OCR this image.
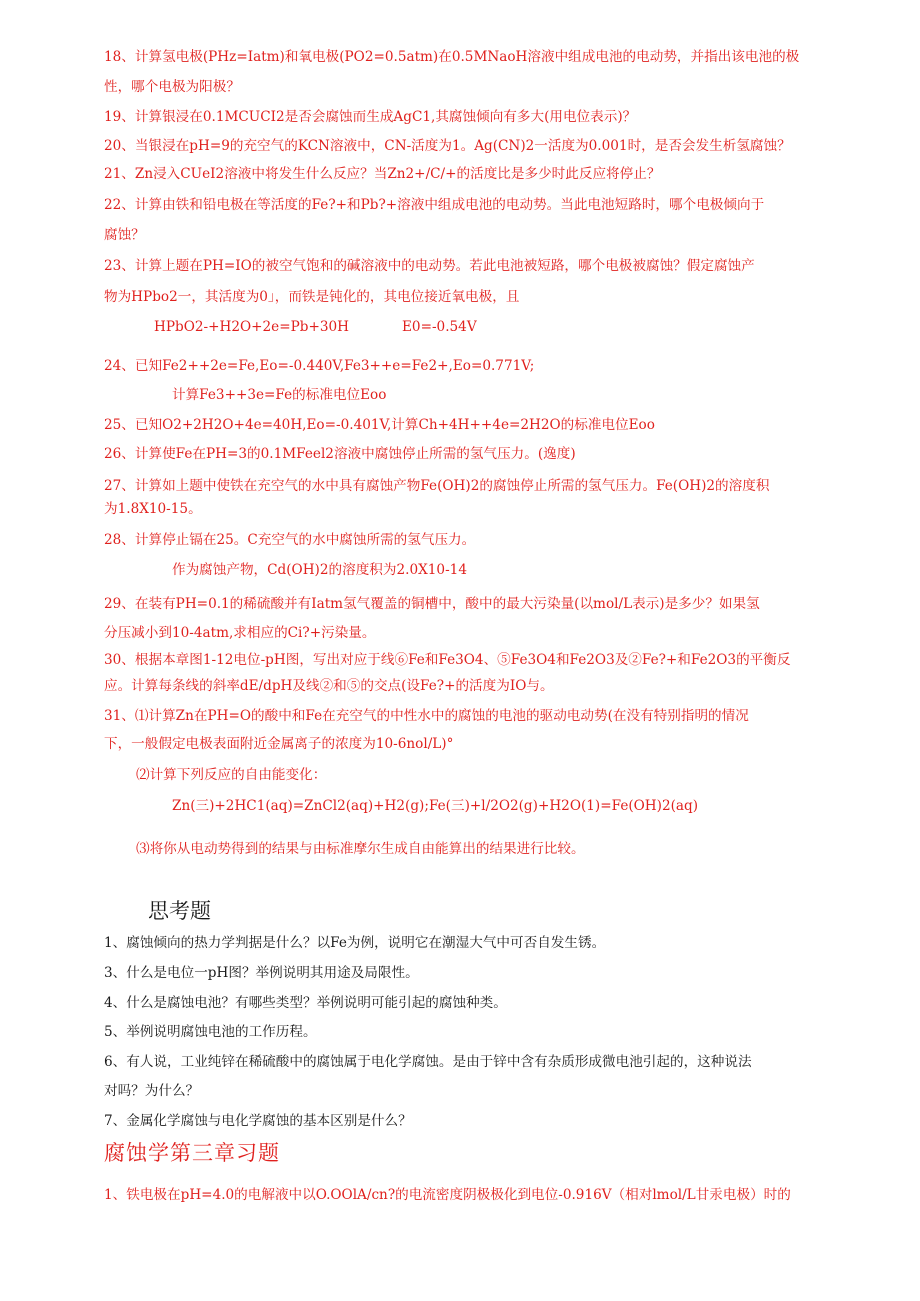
18、计算氢电极(PHz=Iatm)和氧电极(PO2=0.5atm)在0.5MNaoH溶液中组成电池的电动势，并指出该电池的极

性，哪个电极为阳极？

19、计算银浸在0.1MCUCI2是否会腐蚀而生成AgC1,其腐蚀倾向有多大(用电位表示)？

20、当银浸在pH=9的充空气的KCN溶液中，CN-活度为1。Ag(CN)2一活度为0.001时，是否会发生析氢腐蚀？

21、Zn浸入CUeI2溶液中将发生什么反应？当Zn2+/C/+的活度比是多少时此反应将停止？

22、计算由铁和铅电极在等活度的Fe?+和Pb?+溶液中组成电池的电动势。当此电池短路时，哪个电极倾向于

腐蚀？

23、计算上题在PH=IO的被空气饱和的碱溶液中的电动势。若此电池被短路，哪个电极被腐蚀？假定腐蚀产

物为HPbo2一，其活度为0」，而铁是钝化的，其电位接近氧电极，且

HPbO2-+H2O+2e=Pb+30H	E0=-0.54V

24、已知Fe2++2e=Fe,Eo=-0.440V,Fe3++e=Fe2+,Eo=0.771V;

计算Fe3++3e=Fe的标准电位Eoo

25、已知O2+2H2O+4e=40H,Eo=-0.401V,计算Ch+4H++4e=2H2O的标准电位Eoo

26、计算使Fe在PH=3的0.1MFeel2溶液中腐蚀停止所需的氢气压力。(逸度)

27、计算如上题中使铁在充空气的水中具有腐蚀产物Fe(OH)2的腐蚀停止所需的氢气压力。Fe(OH)2的溶度积

为1.8X10-15。

28、计算停止镉在25。C充空气的水中腐蚀所需的氢气压力。

作为腐蚀产物，Cd(OH)2的溶度积为2.0X10-14

29、在装有PH=0.1的稀硫酸并有Iatm氢气覆盖的铜槽中，酸中的最大污染量(以mol/L表示)是多少？如果氢

分压减小到10-4atm,求相应的Ci?+污染量。

30、根据本章图1-12电位-pH图，写出对应于线⑥Fe和Fe3O4、⑤Fe3O4和Fe2O3及②Fe?+和Fe2O3的平衡反

应。计算每条线的斜率dE/dpH及线②和⑤的交点(设Fe?+的活度为IO与。

31、⑴计算Zn在PH=O的酸中和Fe在充空气的中性水中的腐蚀的电池的驱动电动势(在没有特别指明的情况

下，一般假定电极表面附近金属离子的浓度为10-6nol/L)°

⑵计算下列反应的自由能变化：

Zn(三)+2HC1(aq)=ZnCl2(aq)+H2(g);Fe(三)+l/2O2(g)+H2O(1)=Fe(OH)2(aq)

⑶将你从电动势得到的结果与由标准摩尔生成自由能算出的结果进行比较。

思考题

1、腐蚀倾向的热力学判据是什么？以Fe为例，说明它在潮湿大气中可否自发生锈。

3、什么是电位一pH图？举例说明其用途及局限性。

4、什么是腐蚀电池？有哪些类型？举例说明可能引起的腐蚀种类。

5、举例说明腐蚀电池的工作历程。

6、有人说，工业纯锌在稀硫酸中的腐蚀属于电化学腐蚀。是由于锌中含有杂质形成微电池引起的，这种说法

对吗？为什么？

7、金属化学腐蚀与电化学腐蚀的基本区别是什么？

腐蚀学第三章习题

1、铁电极在pH=4.0的电解液中以O.OOlA/cn?的电流密度阴极极化到电位-0.916V（相对lmol/L甘汞电极）时的
